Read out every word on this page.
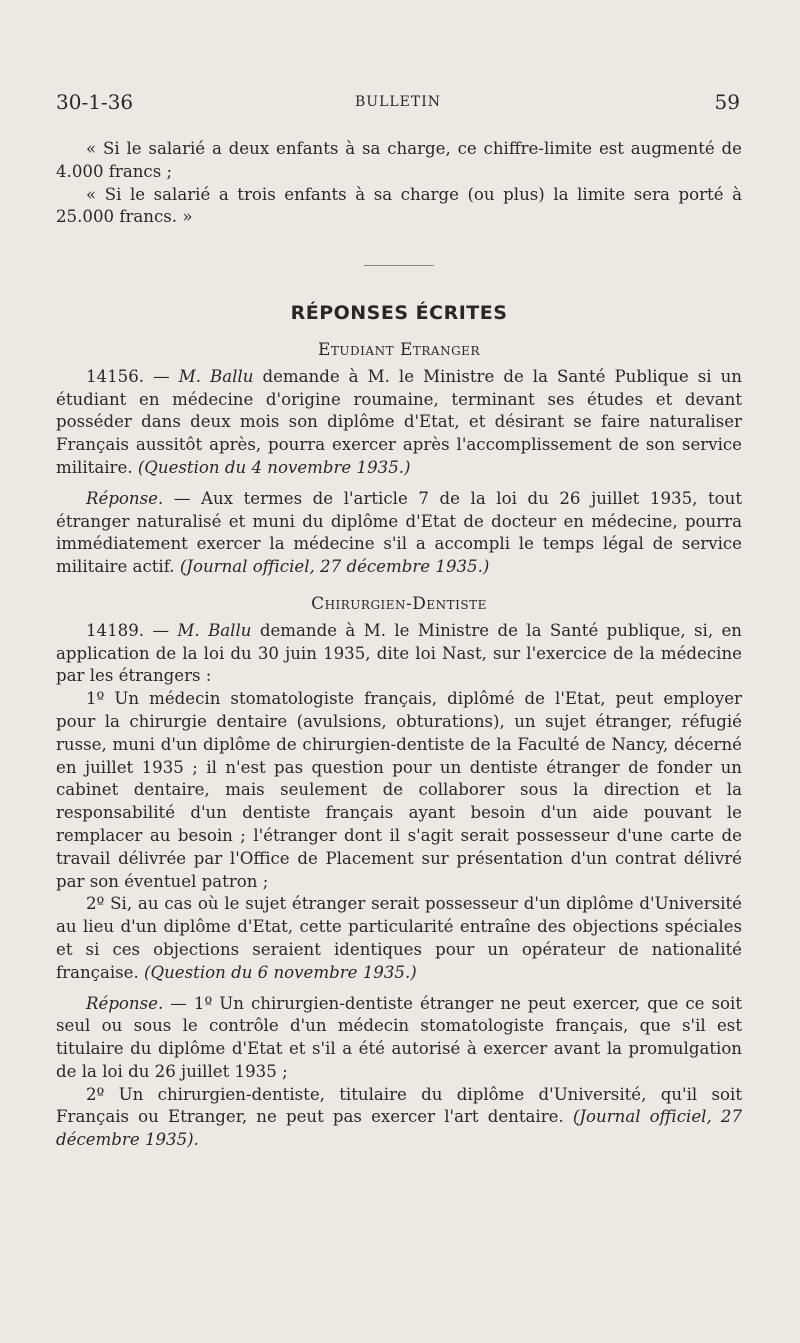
30-1-36	BULLETIN	59

« Si le salarié a deux enfants à sa charge, ce chiffre-limite est augmenté de 4.000 francs ;

« Si le salarié a trois enfants à sa charge (ou plus) la limite sera porté à 25.000 francs. »

RÉPONSES ÉCRITES
Etudiant Etranger

14156. — M. Ballu demande à M. le Ministre de la Santé Publique si un étudiant en médecine d'origine roumaine, terminant ses études et devant posséder dans deux mois son diplôme d'Etat, et désirant se faire naturaliser Français aussitôt après, pourra exercer après l'accomplissement de son service militaire. (Question du 4 novembre 1935.)

Réponse. — Aux termes de l'article 7 de la loi du 26 juillet 1935, tout étranger naturalisé et muni du diplôme d'Etat de docteur en médecine, pourra immédiatement exercer la médecine s'il a accompli le temps légal de service militaire actif. (Journal officiel, 27 décembre 1935.)

Chirurgien-Dentiste

14189. — M. Ballu demande à M. le Ministre de la Santé publique, si, en application de la loi du 30 juin 1935, dite loi Nast, sur l'exercice de la médecine par les étrangers :

1º Un médecin stomatologiste français, diplômé de l'Etat, peut employer pour la chirurgie dentaire (avulsions, obturations), un sujet étranger, réfugié russe, muni d'un diplôme de chirurgien-dentiste de la Faculté de Nancy, décerné en juillet 1935 ; il n'est pas question pour un dentiste étranger de fonder un cabinet dentaire, mais seulement de collaborer sous la direction et la responsabilité d'un dentiste français ayant besoin d'un aide pouvant le remplacer au besoin ; l'étranger dont il s'agit serait possesseur d'une carte de travail délivrée par l'Office de Placement sur présentation d'un contrat délivré par son éventuel patron ;

2º Si, au cas où le sujet étranger serait possesseur d'un diplôme d'Université au lieu d'un diplôme d'Etat, cette particularité entraîne des objections spéciales et si ces objections seraient identiques pour un opérateur de nationalité française. (Question du 6 novembre 1935.)

Réponse. — 1º Un chirurgien-dentiste étranger ne peut exercer, que ce soit seul ou sous le contrôle d'un médecin stomatologiste français, que s'il est titulaire du diplôme d'Etat et s'il a été autorisé à exercer avant la promulgation de la loi du 26 juillet 1935 ;

2º Un chirurgien-dentiste, titulaire du diplôme d'Université, qu'il soit Français ou Etranger, ne peut pas exercer l'art dentaire. (Journal officiel, 27 décembre 1935).
